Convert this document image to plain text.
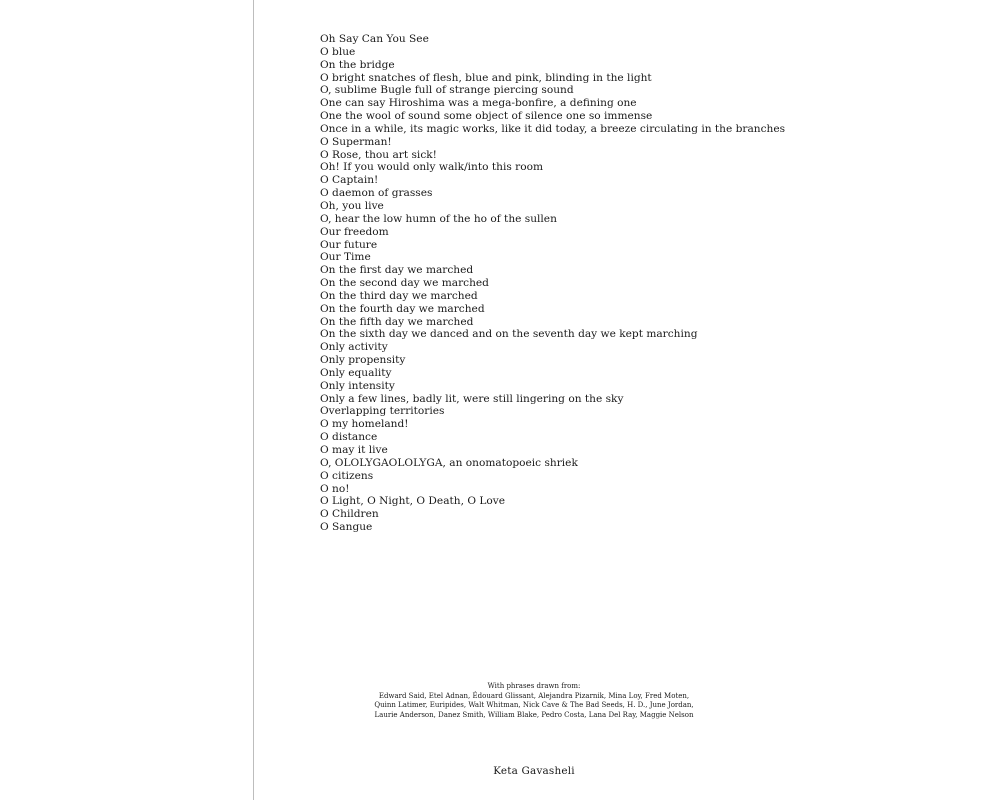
Oh Say Can You See
O blue
On the bridge
O bright snatches of flesh, blue and pink, blinding in the light
O, sublime Bugle full of strange piercing sound
One can say Hiroshima was a mega-bonfire, a defining one
One the wool of sound some object of silence one so immense
Once in a while, its magic works, like it did today, a breeze circulating in the branches
O Superman!
O Rose, thou art sick!
Oh! If you would only walk/into this room
O Captain!
O daemon of grasses
Oh, you live
O, hear the low humn of the ho of the sullen
Our freedom
Our future
Our Time
On the first day we marched
On the second day we marched
On the third day we marched
On the fourth day we marched
On the fifth day we marched
On the sixth day we danced and on the seventh day we kept marching
Only activity
Only propensity
Only equality
Only intensity
Only a few lines, badly lit, were still lingering on the sky
Overlapping territories
O my homeland!
O distance
O may it live
O, OLOLYGAOLOLYGA, an onomatopoeic shriek
O citizens
O no!
O Light, O Night, O Death, O Love
O Children
O Sangue
With phrases drawn from:
Edward Said, Etel Adnan, Édouard Glissant, Alejandra Pizarnik, Mina Loy, Fred Moten,
Quinn Latimer, Euripides, Walt Whitman, Nick Cave & The Bad Seeds, H. D., June Jordan,
Laurie Anderson, Danez Smith, William Blake, Pedro Costa, Lana Del Ray, Maggie Nelson
Keta Gavasheli
